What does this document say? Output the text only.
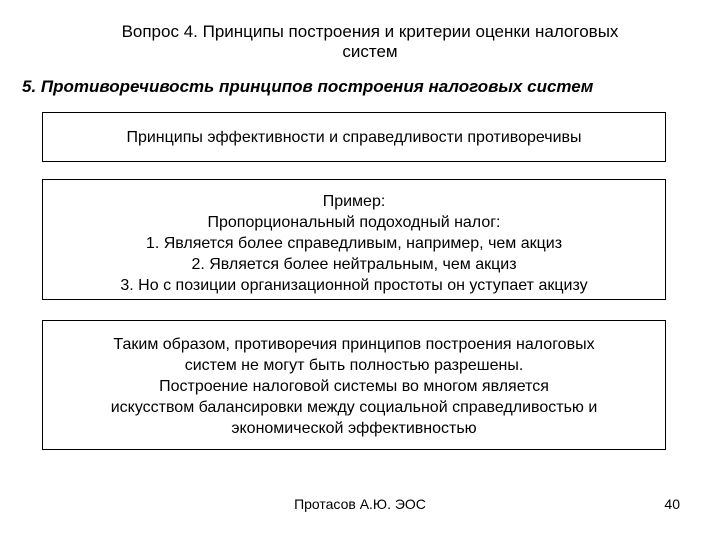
Вопрос 4. Принципы построения и критерии оценки налоговых
систем
5. Противоречивость принципов построения налоговых систем
Принципы эффективности и справедливости противоречивы
Пример:
Пропорциональный подоходный налог:
1. Является более справедливым, например, чем акциз
2. Является более нейтральным, чем акциз
3. Но с позиции организационной простоты он уступает акцизу
Таким образом, противоречия принципов построения налоговых
систем не могут быть полностью разрешены.
Построение налоговой системы во многом является
искусством балансировки между социальной справедливостью и
экономической эффективностью
Протасов А.Ю. ЭОС	40
